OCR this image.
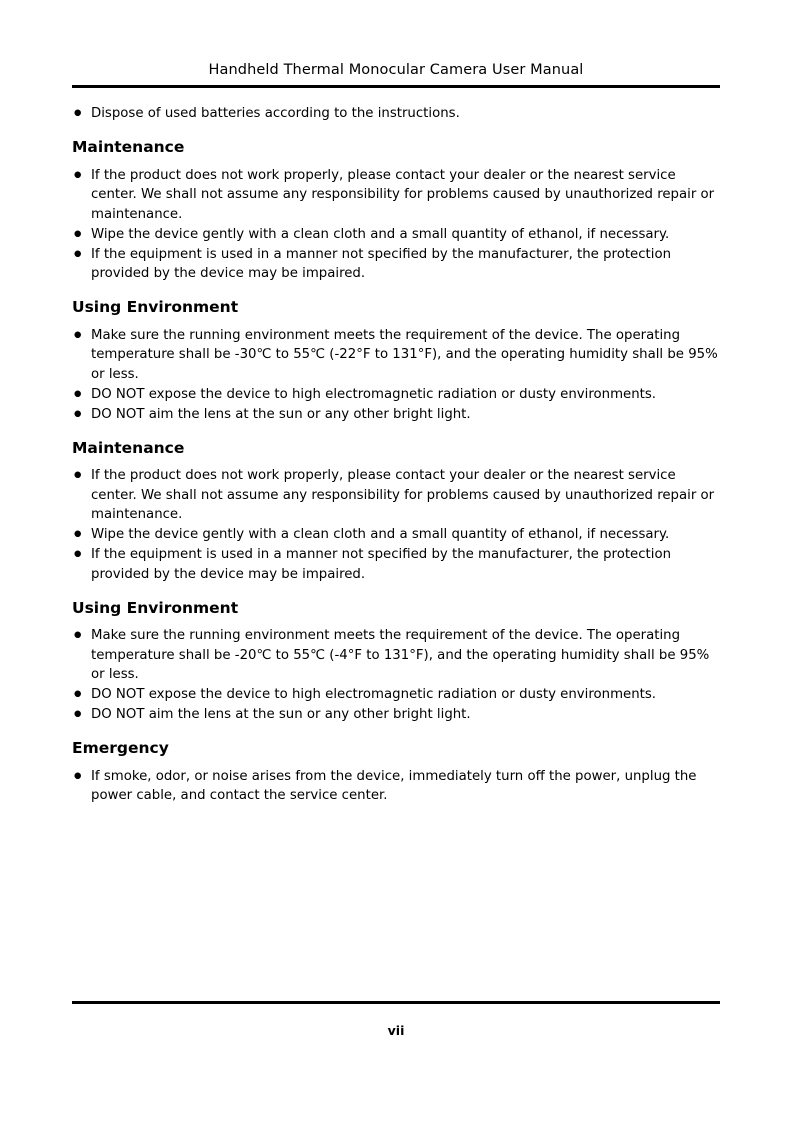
Handheld Thermal Monocular Camera User Manual
● Dispose of used batteries according to the instructions.
Maintenance
● If the product does not work properly, please contact your dealer or the nearest service center. We shall not assume any responsibility for problems caused by unauthorized repair or maintenance.
● Wipe the device gently with a clean cloth and a small quantity of ethanol, if necessary.
● If the equipment is used in a manner not specified by the manufacturer, the protection provided by the device may be impaired.
Using Environment
● Make sure the running environment meets the requirement of the device. The operating temperature shall be -30℃ to 55℃ (-22°F to 131°F), and the operating humidity shall be 95% or less.
● DO NOT expose the device to high electromagnetic radiation or dusty environments.
● DO NOT aim the lens at the sun or any other bright light.
Maintenance
● If the product does not work properly, please contact your dealer or the nearest service center. We shall not assume any responsibility for problems caused by unauthorized repair or maintenance.
● Wipe the device gently with a clean cloth and a small quantity of ethanol, if necessary.
● If the equipment is used in a manner not specified by the manufacturer, the protection provided by the device may be impaired.
Using Environment
● Make sure the running environment meets the requirement of the device. The operating temperature shall be -20℃ to 55℃ (-4°F to 131°F), and the operating humidity shall be 95% or less.
● DO NOT expose the device to high electromagnetic radiation or dusty environments.
● DO NOT aim the lens at the sun or any other bright light.
Emergency
● If smoke, odor, or noise arises from the device, immediately turn off the power, unplug the power cable, and contact the service center.
vii
